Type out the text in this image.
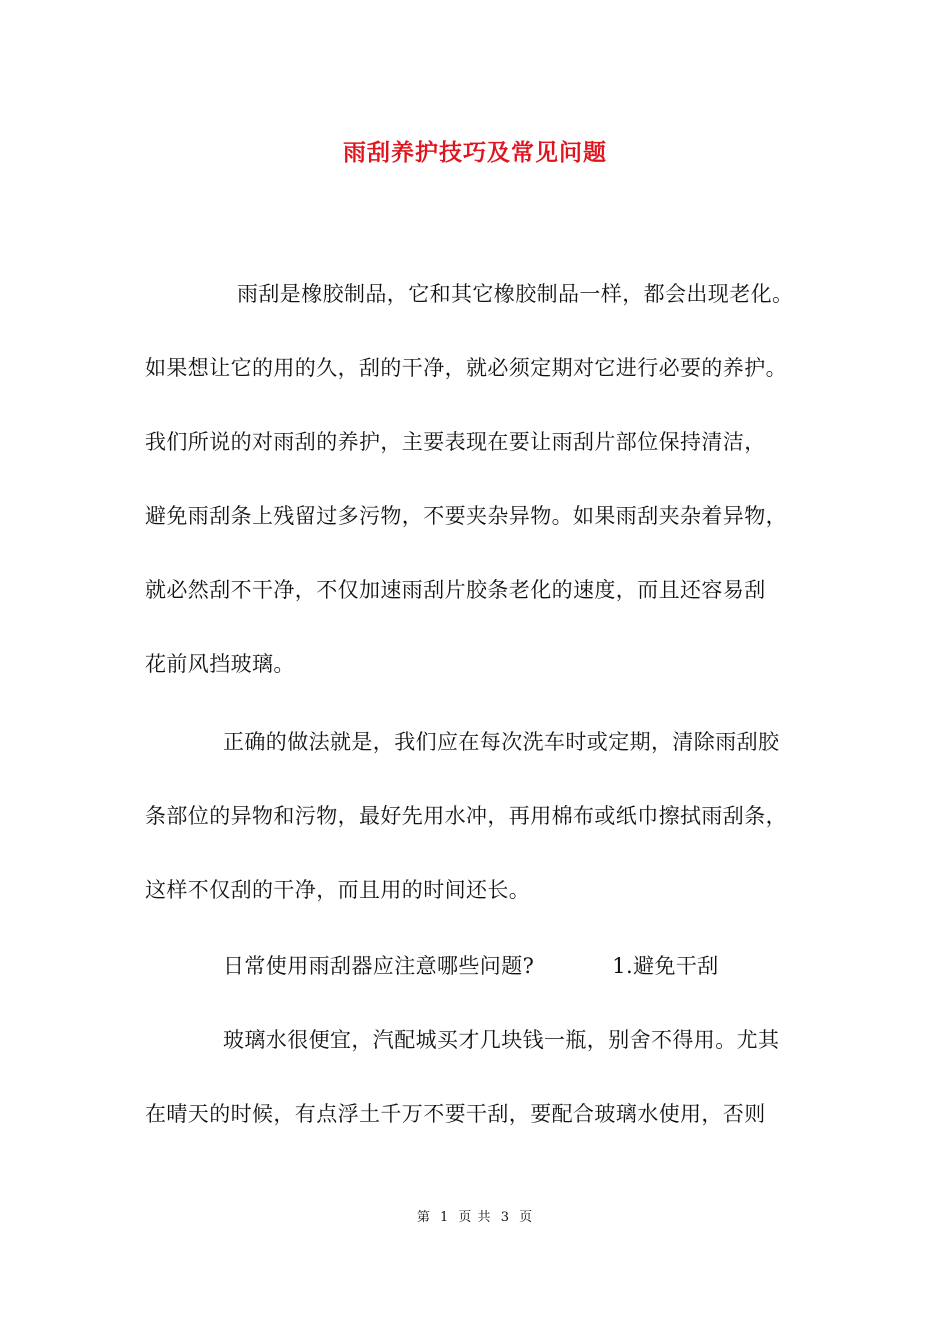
雨刮养护技巧及常见问题
雨刮是橡胶制品，它和其它橡胶制品一样，都会出现老化。
如果想让它的用的久，刮的干净，就必须定期对它进行必要的养护。
我们所说的对雨刮的养护，主要表现在要让雨刮片部位保持清洁，
避免雨刮条上残留过多污物，不要夹杂异物。如果雨刮夹杂着异物，
就必然刮不干净，不仅加速雨刮片胶条老化的速度，而且还容易刮
花前风挡玻璃。
正确的做法就是，我们应在每次洗车时或定期，清除雨刮胶
条部位的异物和污物，最好先用水冲，再用棉布或纸巾擦拭雨刮条，
这样不仅刮的干净，而且用的时间还长。
日常使用雨刮器应注意哪些问题?	1.避免干刮
玻璃水很便宜，汽配城买才几块钱一瓶，别舍不得用。尤其
在晴天的时候，有点浮土千万不要干刮，要配合玻璃水使用，否则
第 1 页 共 3 页
